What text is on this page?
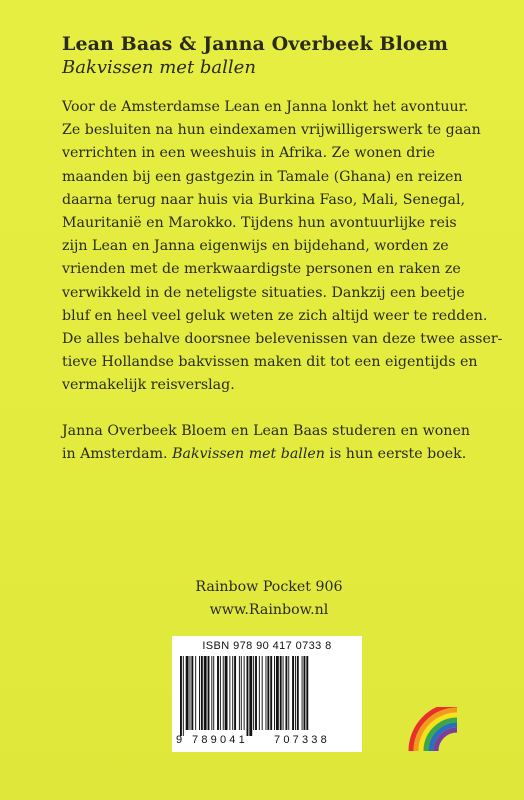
Lean Baas & Janna Overbeek Bloem

Bakvissen met ballen

Voor de Amsterdamse Lean en Janna lonkt het avontuur.
Ze besluiten na hun eindexamen vrijwilligerswerk te gaan
verrichten in een weeshuis in Afrika. Ze wonen drie
maanden bij een gastgezin in Tamale (Ghana) en reizen
daarna terug naar huis via Burkina Faso, Mali, Senegal,
Mauritanië en Marokko. Tijdens hun avontuurlijke reis
zijn Lean en Janna eigenwijs en bijdehand, worden ze
vrienden met de merkwaardigste personen en raken ze
verwikkeld in de neteligste situaties. Dankzij een beetje
bluf en heel veel geluk weten ze zich altijd weer te redden.
De alles behalve doorsnee belevenissen van deze twee asser-
tieve Hollandse bakvissen maken dit tot een eigentijds en
vermakelijk reisverslag.
Janna Overbeek Bloem en Lean Baas studeren en wonen
in Amsterdam. Bakvissen met ballen is hun eerste boek.
Rainbow Pocket 906
www.Rainbow.nl
ISBN 978 90 417 0733 8
9 789041 707338
